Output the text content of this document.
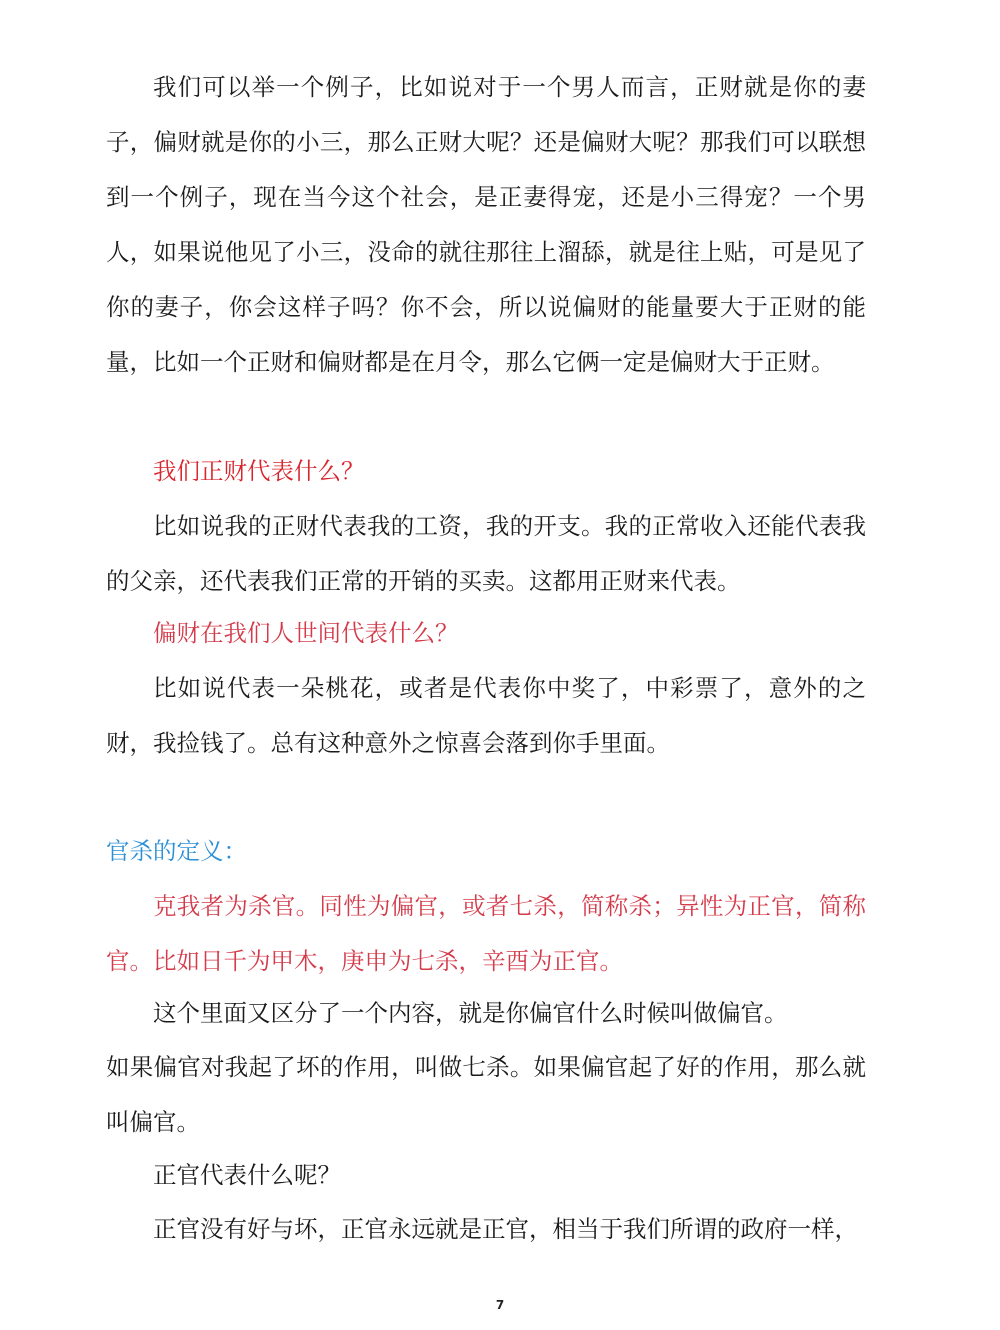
我们可以举一个例子，比如说对于一个男人而言，正财就是你的妻子，偏财就是你的小三，那么正财大呢？还是偏财大呢？那我们可以联想到一个例子，现在当今这个社会，是正妻得宠，还是小三得宠？一个男人，如果说他见了小三，没命的就往那往上溜舔，就是往上贴，可是见了你的妻子，你会这样子吗？你不会，所以说偏财的能量要大于正财的能量，比如一个正财和偏财都是在月令，那么它俩一定是偏财大于正财。

我们正财代表什么？

比如说我的正财代表我的工资，我的开支。我的正常收入还能代表我的父亲，还代表我们正常的开销的买卖。这都用正财来代表。

偏财在我们人世间代表什么？

比如说代表一朵桃花，或者是代表你中奖了，中彩票了，意外的之财，我捡钱了。总有这种意外之惊喜会落到你手里面。

官杀的定义：

克我者为杀官。同性为偏官，或者七杀，简称杀；异性为正官，简称 官。比如日千为甲木，庚申为七杀，辛酉为正官。

这个里面又区分了一个内容，就是你偏官什么时候叫做偏官。

如果偏官对我起了坏的作用，叫做七杀。如果偏官起了好的作用，那么就叫偏官。

正官代表什么呢？

正官没有好与坏，正官永远就是正官，相当于我们所谓的政府一样，

7
